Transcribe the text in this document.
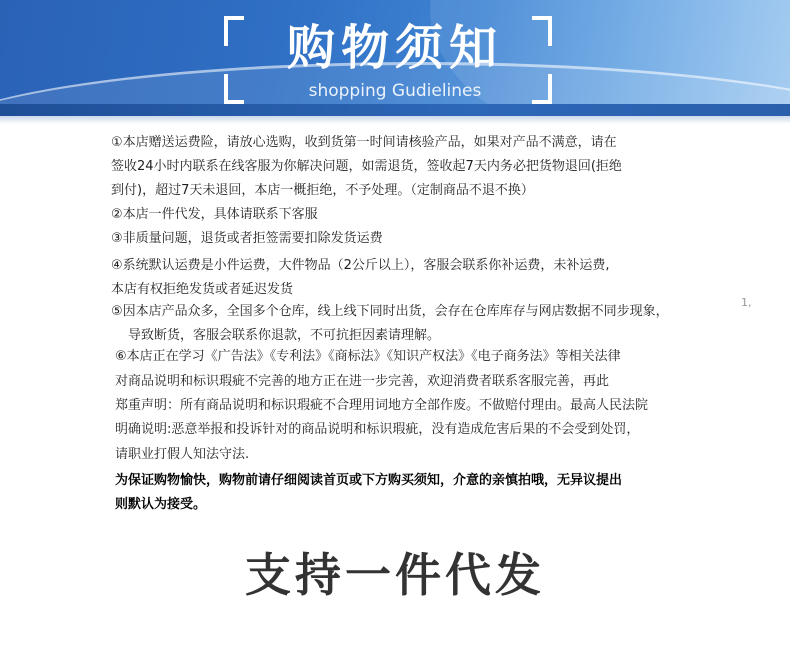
购物须知
shopping Gudielines
①本店赠送运费险，请放心选购，收到货第一时间请核验产品，如果对产品不满意，请在
签收24小时内联系在线客服为你解决问题，如需退货，签收起7天内务必把货物退回(拒绝
到付)，超过7天未退回，本店一概拒绝，不予处理。（定制商品不退不换）
②本店一件代发，具体请联系下客服
③非质量问题，退货或者拒签需要扣除发货运费
④系统默认运费是小件运费，大件物品（2公斤以上），客服会联系你补运费，未补运费,
本店有权拒绝发货或者延迟发货
⑤因本店产品众多，全国多个仓库，线上线下同时出货，会存在仓库库存与网店数据不同步现象，
导致断货，客服会联系你退款，不可抗拒因素请理解。
⑥本店正在学习《广告法》《专利法》《商标法》《知识产权法》《电子商务法》等相关法律
对商品说明和标识瑕疵不完善的地方正在进一步完善，欢迎消费者联系客服完善，再此
郑重声明：所有商品说明和标识瑕疵不合理用词地方全部作废。不做赔付理由。最高人民法院
明确说明:恶意举报和投诉针对的商品说明和标识瑕疵，没有造成危害后果的不会受到处罚，
请职业打假人知法守法.
为保证购物愉快，购物前请仔细阅读首页或下方购买须知，介意的亲慎拍哦，无异议提出
则默认为接受。
1,
支持一件代发
